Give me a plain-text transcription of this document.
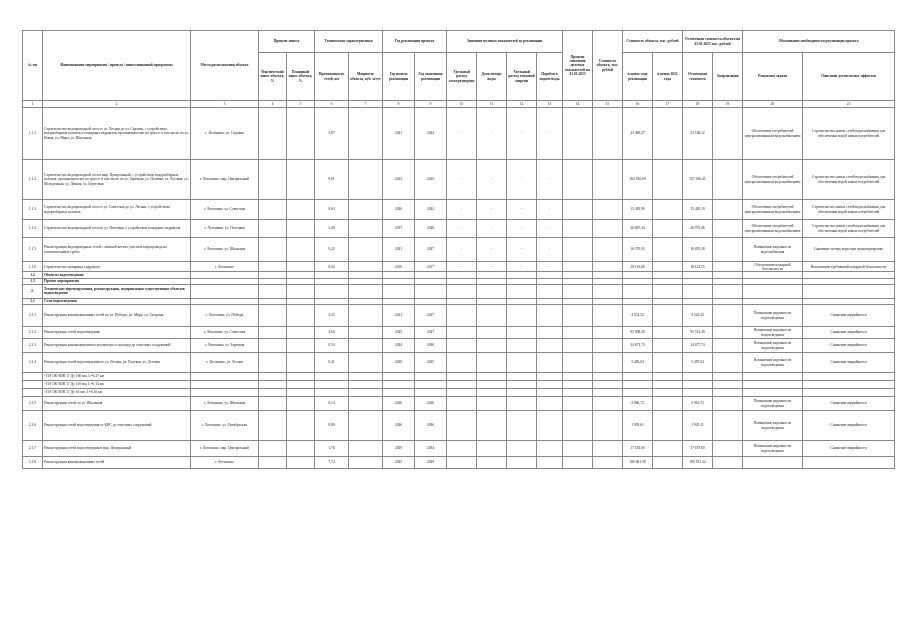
№ пп	Наименование мероприятия / проекта / инвестиционной программы	Место расположения объекта	Процент износа		Технические характеристики		Год реализации проекта		Значения целевых показателей до реализации				Процент снижения целевых показателей на 01.01.2025	Стоимость объекта, тыс. рублей	Стоимость объекта, тыс. рублей		Остаточная стоимость объекта на 01.01.2025 тыс. рублей		Обоснование необходимости реализации проекта	
			Фактический износ объекта, %	Плановый износ объекта, %	Протяженность сетей, км	Мощность объекта, куб. м/сут	Год начала реализации	Год окончания реализации	Удельный расход электроэнергии	Доля потерь воды	Удельный расход тепловой энергии	Перебои в подаче воды			в ценах года реализации	в ценах 2021 года	Остаточная стоимость	Амортизация	Решаемые задачи	Описание достигаемых эффектов
1	2	3	4	5	6	7	8	9	10	11	12	13	14	15	16	17	18	19	20	21
1.1.1	Строительство водопроводной сети от ул. Лесная до ул. Садовая, с устройством водоразборных колонок и пожарных гидрантов, протяженностью по трассе, в том числе по ул. Новая, ул. Мира, ул. Школьная	г. Лотошино, ул. Садовая			3,87		2021	2024	-	-	-	-			23 460,27		23 168,12		Обеспечение потребителей централизованным водоснабжением	Строительство новых сетей водоснабжения для обеспечения водой новых потребителей
1.1.2	Строительство водопроводной сети в мкр. Центральный, с устройством водоразборных колонок, протяженностью по трассе, в том числе по ул. Заречная, ул. Полевая, ул. Луговая, ул. Молодежная, ул. Дачная, ул. Береговая	г. Лотошино, мкр. Центральный			9,01		2022	2025	-	-	-	-			362 836,69		357 036,41		Обеспечение потребителей централизованным водоснабжением	Строительство новых сетей водоснабжения для обеспечения водой новых потребителей
1.1.3	Строительство водопроводной сети от ул. Советская до ул. Лесная, с устройством водоразборных колонок	г. Лотошино, ул. Советская			0,63		2020	2022	-	-	-	-			15 429,90		15 420,19		Обеспечение потребителей централизованным водоснабжением	Строительство новых сетей водоснабжения для обеспечения водой новых потребителей
1.1.4	Строительство водопроводной сети по ул. Почтовая, с устройством пожарных гидрантов	г. Лотошино, ул. Почтовая			2,40		2017	2020	-	-	-	-			28 067,34		26 973,46		Обеспечение потребителей централизованным водоснабжением	Строительство новых сетей водоснабжения для обеспечения водой новых потребителей
1.1.5	Реконструкция водопроводных сетей с заменой ветхих участков водопровода на полиэтиленовые трубы	г. Лотошино, ул. Школьная			9,22		2021	2027	-	-	-	-			16 570,03		16 055,28		Повышение надежности водоснабжения	Снижение потерь воды при транспортировке
1.1.6	Строительство пожарных гидрантов	г. Лотошино			0,62		2016	2017	-	-	-	-			18 116,66		18 114,55		Обеспечение пожарной безопасности	Выполнение требований пожарной безопасности
1.2	Объекты водоотведения																			
1.3	Прочие мероприятия																			
2.	Технические перевооружения, реконструкция, модернизация существующих объектов водоотведения																			
2.1	Сети водоотведения																			
2.1.1	Реконструкция канализационных сетей по ул. Победы, ул. Мира, ул. Гагарина	г. Лотошино, ул. Победы			4,35		2021	2027							4 531,52		4 520,43		Повышение надежности водоотведения	Снижение аварийности
2.1.2	Реконструкция сетей водоотведения	г. Лотошино, ул. Советская			4,60		2025	2027							95 508,28		95 512,49		Повышение надежности водоотведения	Снижение аварийности
2.1.3	Реконструкция канализационного коллектора от колодца до очистных сооружений	г. Лотошино, ул. Заречная			0,54		2024	2030							24 673,74		24 677,74		Повышение надежности водоотведения	Снижение аварийности
2.1.4	Реконструкция сетей водоотведения по ул. Лесная, ул. Полевая, ул. Луговая	г. Лотошино, ул. Лесная			0,41		2020	2025							5 482,04		5 487,04		Повышение надежности водоотведения	Снижение аварийности
	- ПЭ 100 SDR 17 Ду 160 мм, L=0,27 км																			
	- ПЭ 100 SDR 17 Ду 110 мм, L=0,14 км																			
	- ПЭ 100 SDR 17 Ду 63 мм, L=0,10 км																			
2.1.5	Реконструкция сетей по ул. Школьная	г. Лотошино, ул. Школьная			0,14		2026	2026							2 966,72		2 961,72		Повышение надежности водоотведения	Снижение аварийности
2.1.6	Реконструкция сетей водоотведения от КНС до очистных сооружений	г. Лотошино, ул. Октябрьская			0,89		2026	2030							1 905,61		1 905,11		Повышение надежности водоотведения	Снижение аварийности
2.1.7	Реконструкция сетей водоотведения в мкр. Центральный	г. Лотошино, мкр. Центральный			1,76		2029	2034							17 182,60		17 187,60		Повышение надежности водоотведения	Снижение аварийности
2.1.8	Реконструкция канализационных сетей	г. Лотошино			7,74		2025	2029							180 661,58		180 553,32			
